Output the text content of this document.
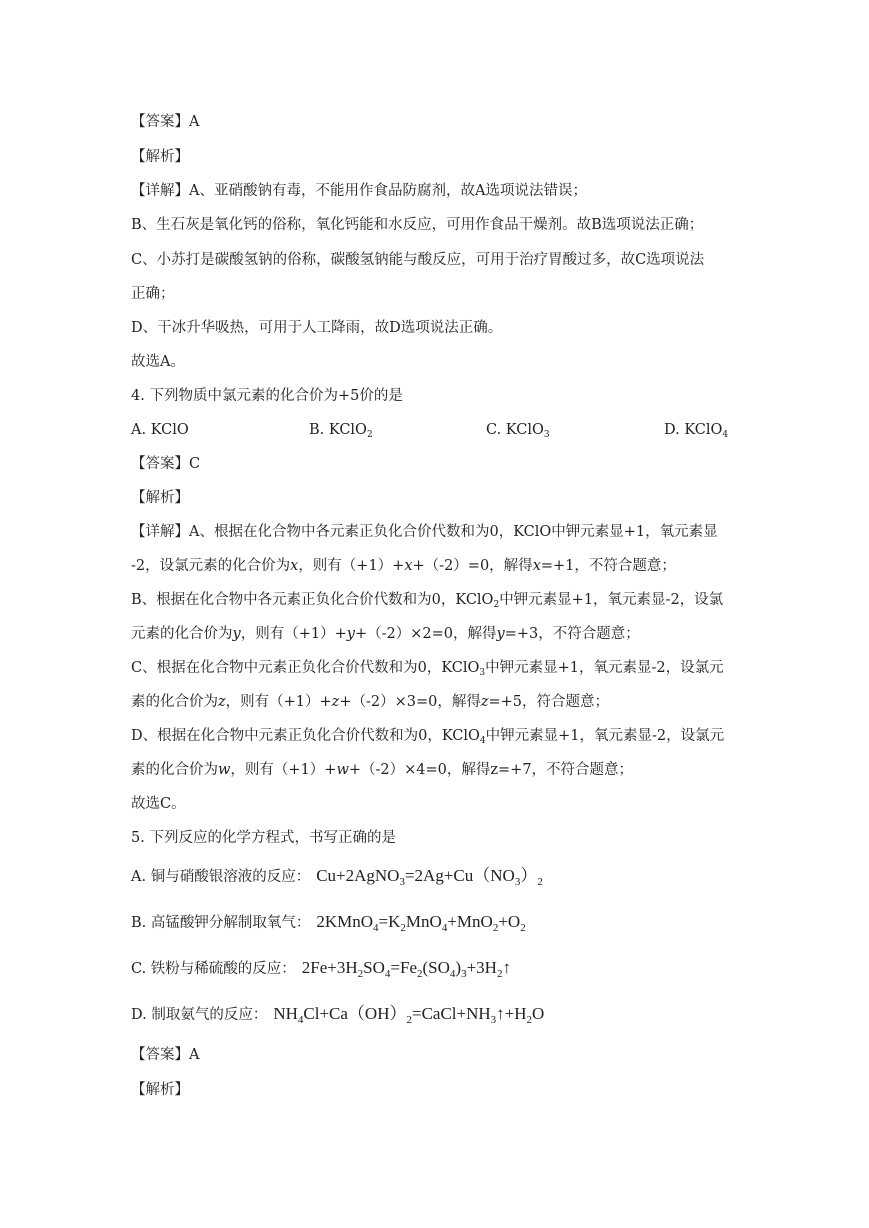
【答案】A
【解析】
【详解】A、亚硝酸钠有毒，不能用作食品防腐剂，故A选项说法错误；
B、生石灰是氧化钙的俗称，氧化钙能和水反应，可用作食品干燥剂。故B选项说法正确；
C、小苏打是碳酸氢钠的俗称，碳酸氢钠能与酸反应，可用于治疗胃酸过多，故C选项说法
正确；
D、干冰升华吸热，可用于人工降雨，故D选项说法正确。
故选A。
4. 下列物质中氯元素的化合价为+5价的是
A. KClO	B. KClO$_2$	C. KClO$_3$	D. KClO$_4$
【答案】C
【解析】
【详解】A、根据在化合物中各元素正负化合价代数和为0，KClO中钾元素显+1，氧元素显
-2，设氯元素的化合价为x，则有（+1）+x+（-2）=0，解得x=+1，不符合题意；
B、根据在化合物中各元素正负化合价代数和为0，KClO$_2$中钾元素显+1，氧元素显-2，设氯
元素的化合价为y，则有（+1）+y+（-2）×2=0，解得y=+3，不符合题意；
C、根据在化合物中元素正负化合价代数和为0，KClO$_3$中钾元素显+1，氧元素显-2，设氯元
素的化合价为z，则有（+1）+z+（-2）×3=0，解得z=+5，符合题意；
D、根据在化合物中元素正负化合价代数和为0，KClO$_4$中钾元素显+1，氧元素显-2，设氯元
素的化合价为w，则有（+1）+w+（-2）×4=0，解得z=+7，不符合题意；
故选C。
5. 下列反应的化学方程式，书写正确的是
A. 铜与硝酸银溶液的反应： $Cu+2AgNO_3=2Ag+Cu(NO_3)_2$
B. 高锰酸钾分解制取氧气： $2KMnO_4=K_2MnO_4+MnO_2+O_2$
C. 铁粉与稀硫酸的反应： $2Fe+3H_2SO_4=Fe_2(SO_4)_3+3H_2↑$
D. 制取氨气的反应： $NH_4Cl+Ca(OH)_2=CaCl+NH_3↑+H_2O$
【答案】A
【解析】
